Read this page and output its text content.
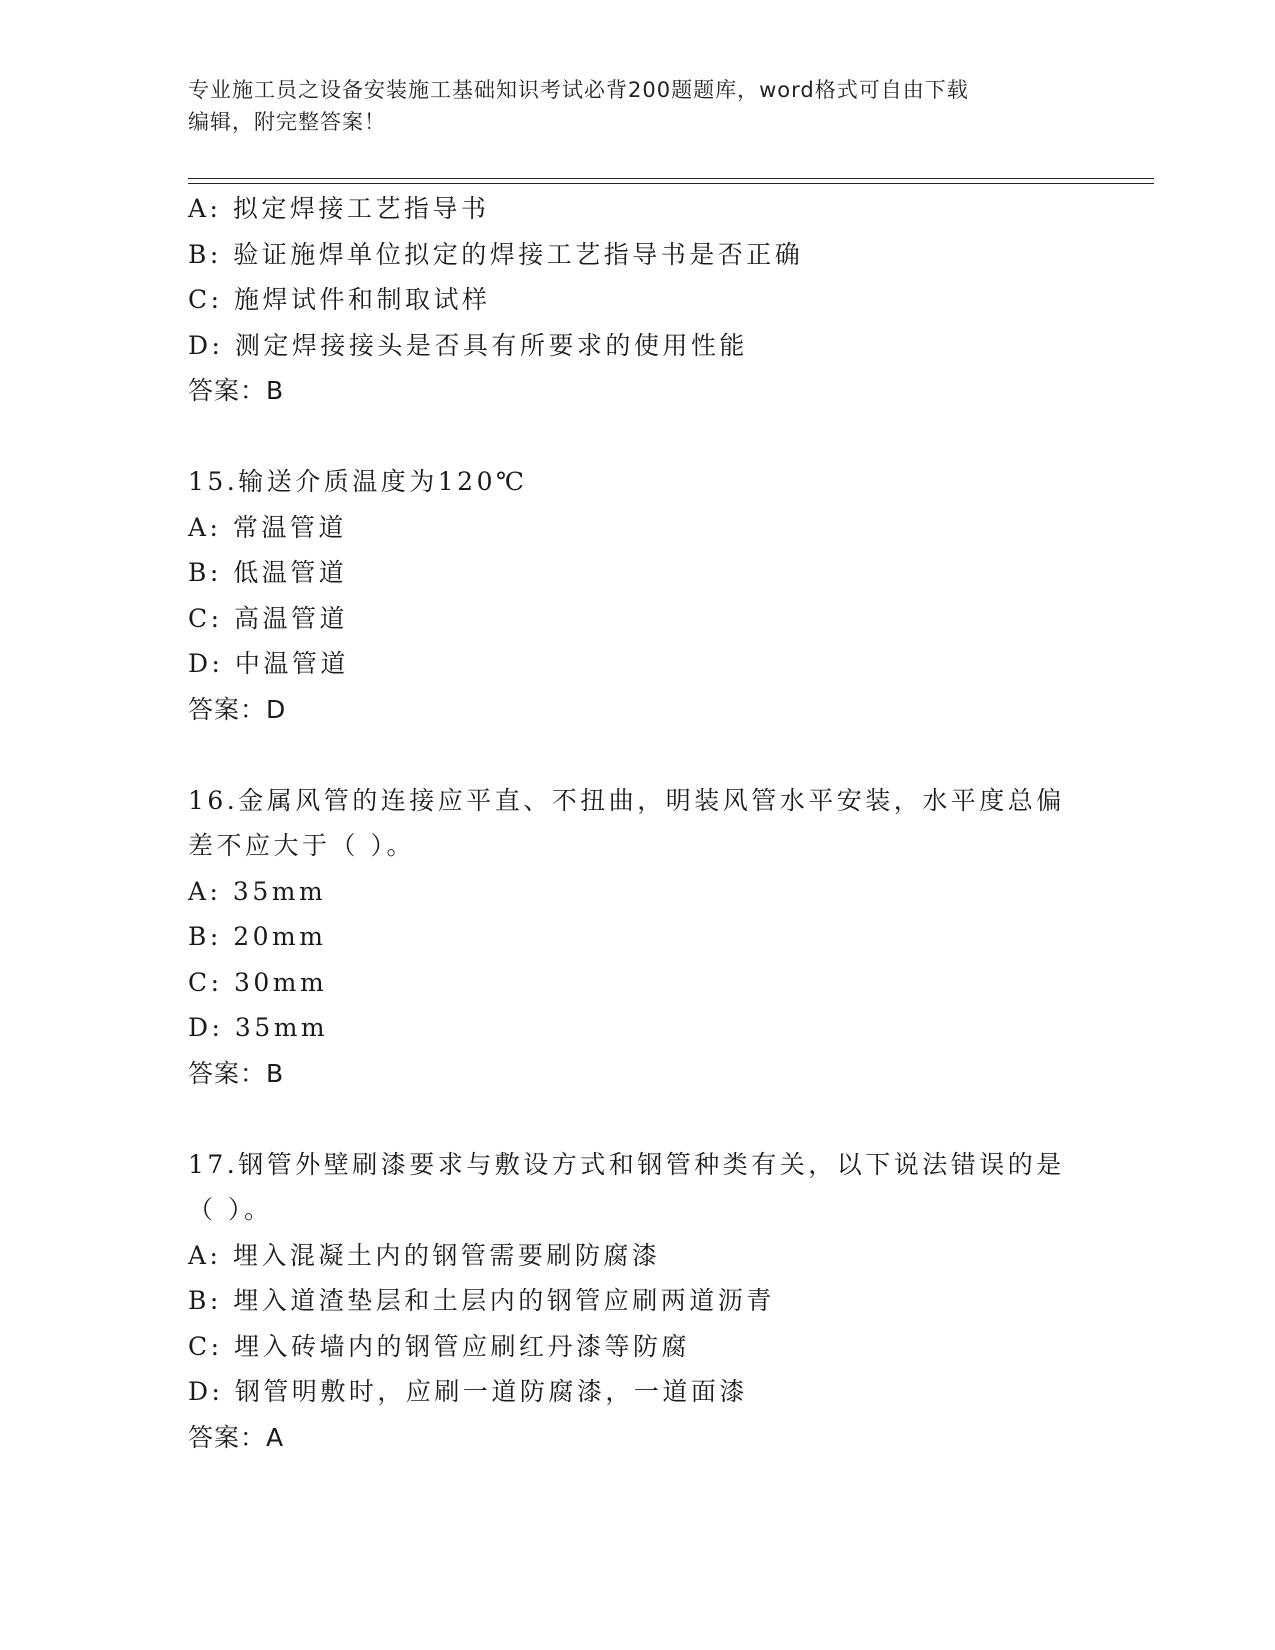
专业施工员之设备安装施工基础知识考试必背200题题库，word格式可自由下载
编辑，附完整答案！
A: 拟定焊接工艺指导书
B: 验证施焊单位拟定的焊接工艺指导书是否正确
C: 施焊试件和制取试样
D: 测定焊接接头是否具有所要求的使用性能
答案：B
15.输送介质温度为120℃
A: 常温管道
B: 低温管道
C: 高温管道
D: 中温管道
答案：D
16.金属风管的连接应平直、不扭曲，明装风管水平安装，水平度总偏
差不应大于（ ）。
A: 35mm
B: 20mm
C: 30mm
D: 35mm
答案：B
17.钢管外壁刷漆要求与敷设方式和钢管种类有关，以下说法错误的是
（ ）。
A: 埋入混凝土内的钢管需要刷防腐漆
B: 埋入道渣垫层和土层内的钢管应刷两道沥青
C: 埋入砖墙内的钢管应刷红丹漆等防腐
D: 钢管明敷时，应刷一道防腐漆，一道面漆
答案：A
